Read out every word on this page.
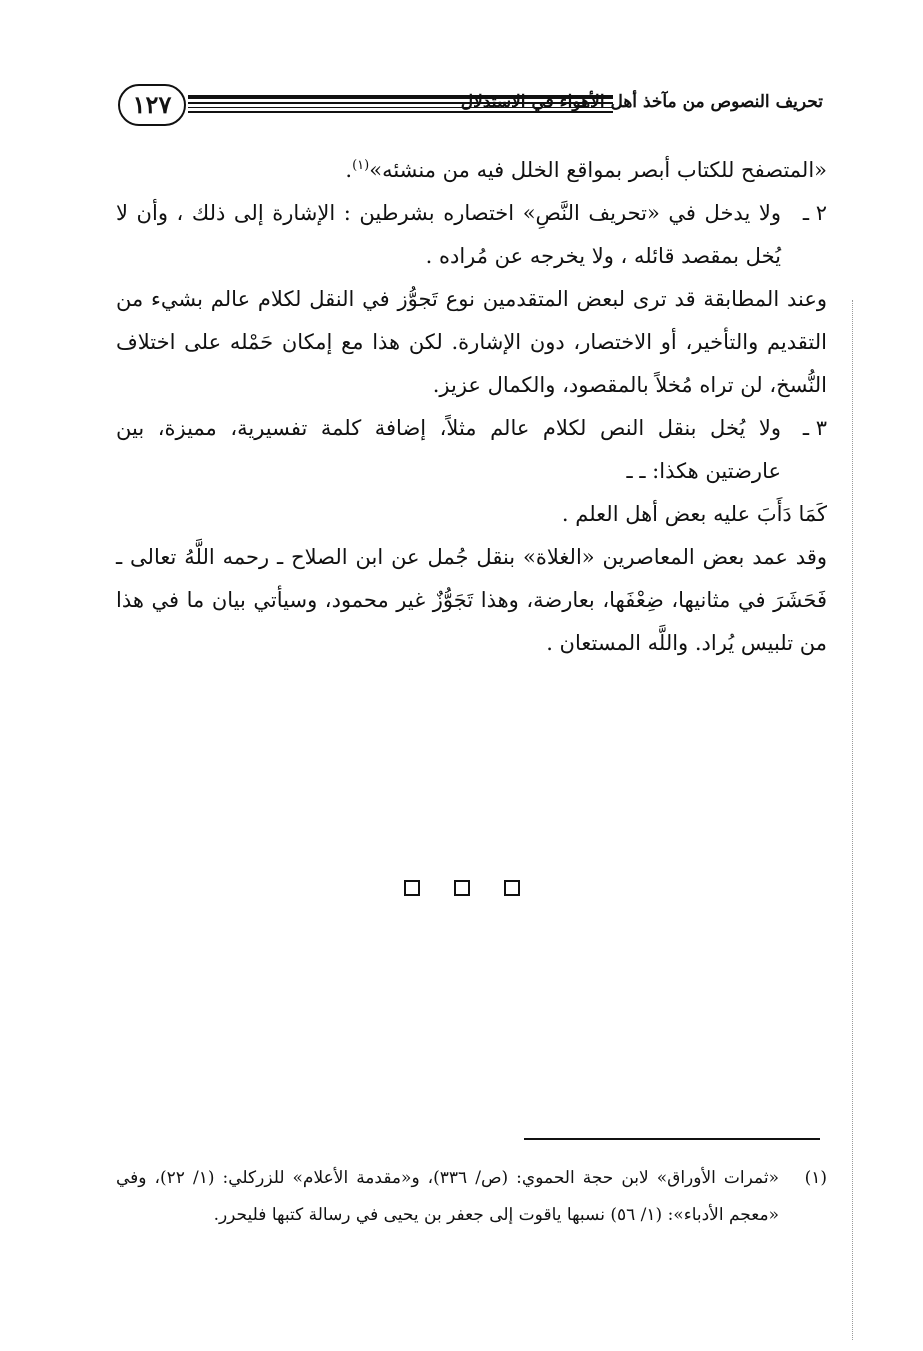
١٢٧	تحريف النصوص من مآخذ أهل الأهواء في الاستدلال

«المتصفح للكتاب أبصر بمواقع الخلل فيه من منشئه»$^{(١)}$.

٢ ـ
ولا يدخل في «تحريف النَّصِ» اختصاره بشرطين : الإشارة إلى ذلك ، وأن لا يُخل بمقصد قائله ، ولا يخرجه عن مُراده .

وعند المطابقة قد ترى لبعض المتقدمين نوع تَجوُّز في النقل لكلام عالم بشيء من التقديم والتأخير، أو الاختصار، دون الإشارة. لكن هذا مع إمكان حَمْله على اختلاف النُّسخ، لن تراه مُخلاً بالمقصود، والكمال عزيز.

٣ ـ
ولا يُخل بنقل النص لكلام عالم مثلاً، إضافة كلمة تفسيرية، مميزة، بين عارضتين هكذا: ـ ـ

كَمَا دَأَبَ عليه بعض أهل العلم .

وقد عمد بعض المعاصرين «الغلاة» بنقل جُمل عن ابن الصلاح ـ رحمه اللَّهُ تعالى ـ فَحَشَرَ في مثانيها، ضِعْفَها، بعارضة، وهذا تَجَوُّزٌ غير محمود، وسيأتي بيان ما في هذا من تلبيس يُراد. واللَّه المستعان .

(١)
«ثمرات الأوراق» لابن حجة الحموي: (ص/ ٣٣٦)، و«مقدمة الأعلام» للزركلي: (١/ ٢٢)، وفي «معجم الأدباء»: (١/ ٥٦) نسبها ياقوت إلى جعفر بن يحيى في رسالة كتبها فليحرر.
